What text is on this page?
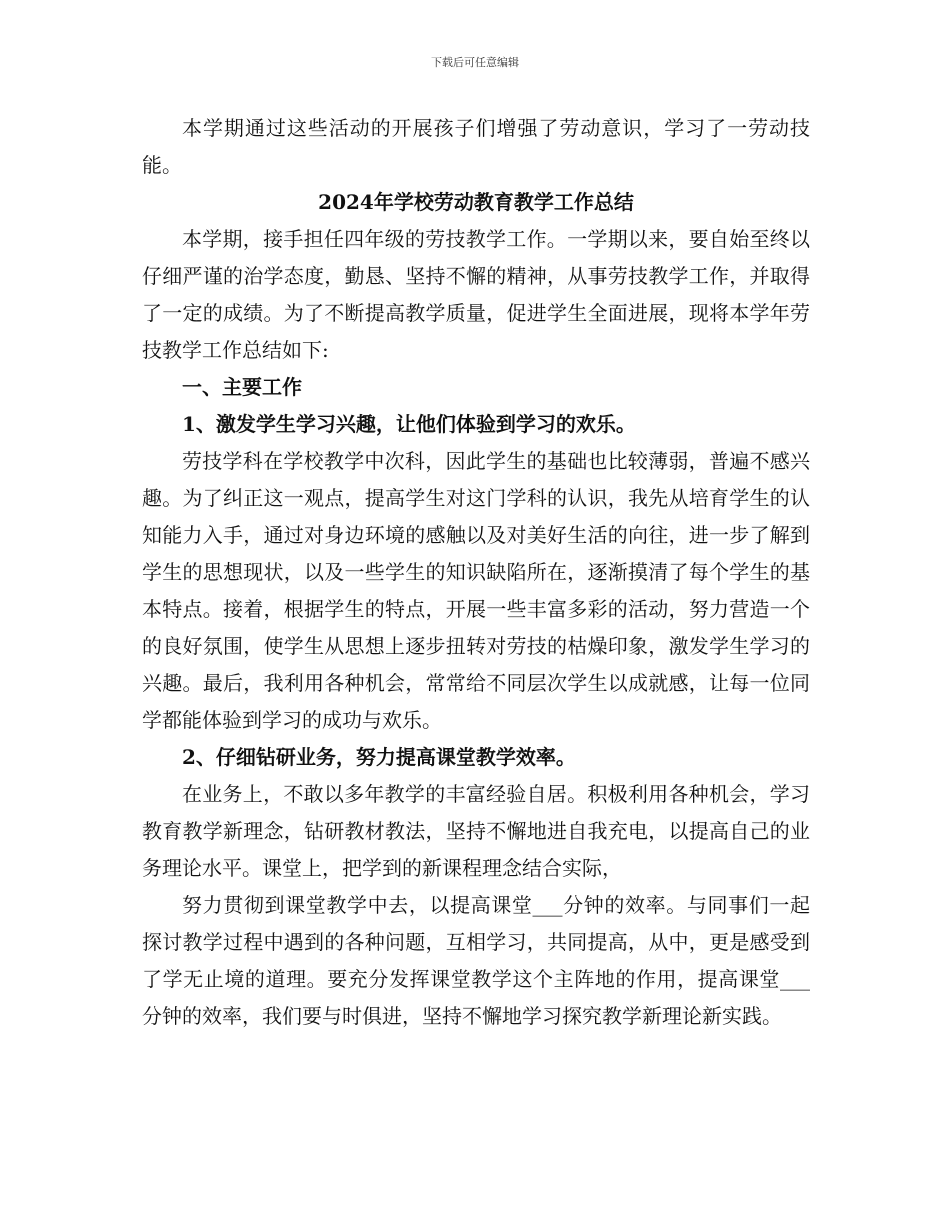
下载后可任意编辑

本学期通过这些活动的开展孩子们增强了劳动意识，学习了一劳动技能。

2024年学校劳动教育教学工作总结

本学期，接手担任四年级的劳技教学工作。一学期以来，要自始至终以仔细严谨的治学态度，勤恳、坚持不懈的精神，从事劳技教学工作，并取得了一定的成绩。为了不断提高教学质量，促进学生全面进展，现将本学年劳技教学工作总结如下:

一、主要工作

1、激发学生学习兴趣，让他们体验到学习的欢乐。

劳技学科在学校教学中次科，因此学生的基础也比较薄弱，普遍不感兴趣。为了纠正这一观点，提高学生对这门学科的认识，我先从培育学生的认知能力入手，通过对身边环境的感触以及对美好生活的向往，进一步了解到学生的思想现状，以及一些学生的知识缺陷所在，逐渐摸清了每个学生的基本特点。接着，根据学生的特点，开展一些丰富多彩的活动，努力营造一个的良好氛围，使学生从思想上逐步扭转对劳技的枯燥印象，激发学生学习的兴趣。最后，我利用各种机会，常常给不同层次学生以成就感，让每一位同学都能体验到学习的成功与欢乐。

2、仔细钻研业务，努力提高课堂教学效率。

在业务上，不敢以多年教学的丰富经验自居。积极利用各种机会，学习教育教学新理念，钻研教材教法，坚持不懈地进自我充电，以提高自己的业务理论水平。课堂上，把学到的新课程理念结合实际，

努力贯彻到课堂教学中去，以提高课堂___分钟的效率。与同事们一起探讨教学过程中遇到的各种问题，互相学习，共同提高，从中，更是感受到了学无止境的道理。要充分发挥课堂教学这个主阵地的作用，提高课堂___分钟的效率，我们要与时俱进，坚持不懈地学习探究教学新理论新实践。
